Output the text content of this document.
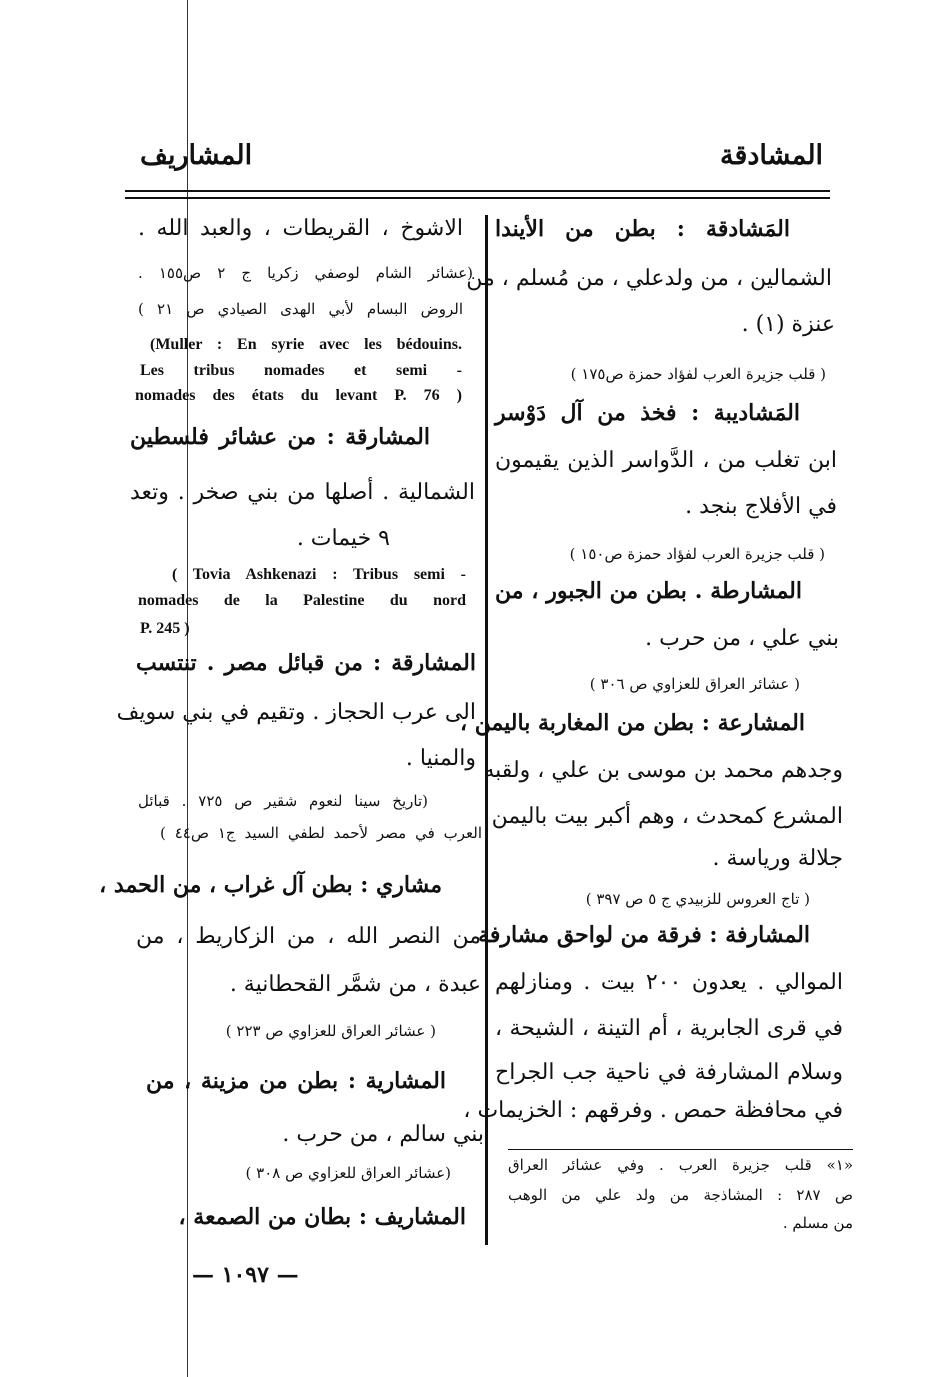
المشادقة
المشاريف
المَشادقة : بطن من الأيندا
الشمالين ، من ولدعلي ، من مُسلم ، من
عنزة (١) .
( قلب جزيرة العرب لفؤاد حمزة ص١٧٥ )
المَشاديبة : فخذ من آل دَوْسر
ابن تغلب من ، الدَّواسر الذين يقيمون
في الأفلاج بنجد .
( قلب جزيرة العرب لفؤاد حمزة ص١٥٠ )
المشارطة . بطن من الجبور ، من
بني علي ، من حرب .
( عشائر العراق للعزاوي ص ٣٠٦ )
المشارعة : بطن من المغاربة باليمن ،
وجدهم محمد بن موسى بن علي ، ولقبه
المشرع كمحدث ، وهم أكبر بيت باليمن
جلالة ورياسة .
( تاج العروس للزبيدي ج ٥ ص ٣٩٧ )
المشارفة : فرقة من لواحق مشارفة
الموالي . يعدون ٢٠٠ بيت . ومنازلهم
في قرى الجابرية ، أم التينة ، الشيحة ،
وسلام المشارفة في ناحية جب الجراح
في محافظة حمص . وفرقهم : الخزيمات ،
«١» قلب جزيرة العرب . وفي عشائر العراق
ص ٢٨٧ : المشاذجة من ولد علي من الوهب
من مسلم .
الاشوخ ، القريطات ، والعبد الله .
(عشائر الشام لوصفي زكريا ج ٢ ص١٥٥ .
الروض البسام لأبي الهدى الصيادي ص ٢١ )
(Muller : En syrie avec les bédouins.
Les tribus nomades et semi -
nomades des états du levant P. 76 )
المشارقة : من عشائر فلسطين
الشمالية . أصلها من بني صخر . وتعد
٩ خيمات .
( Tovia Ashkenazi : Tribus semi -
nomades de la Palestine du nord
P. 245 )
المشارقة : من قبائل مصر . تنتسب
الى عرب الحجاز . وتقيم في بني سويف
والمنيا .
(تاريخ سينا لنعوم شقير ص ٧٢٥ . قبائل
العرب في مصر لأحمد لطفي السيد ج١ ص٤٤ )
مشاري : بطن آل غراب ، من الحمد ،
من النصر الله ، من الزكاريط ، من
عبدة ، من شمَّر القحطانية .
( عشائر العراق للعزاوي ص ٢٢٣ )
المشارية : بطن من مزينة ، من
بني سالم ، من حرب .
(عشائر العراق للعزاوي ص ٣٠٨ )
المشاريف : بطان من الصمعة ،
— ١٠٩٧ —
